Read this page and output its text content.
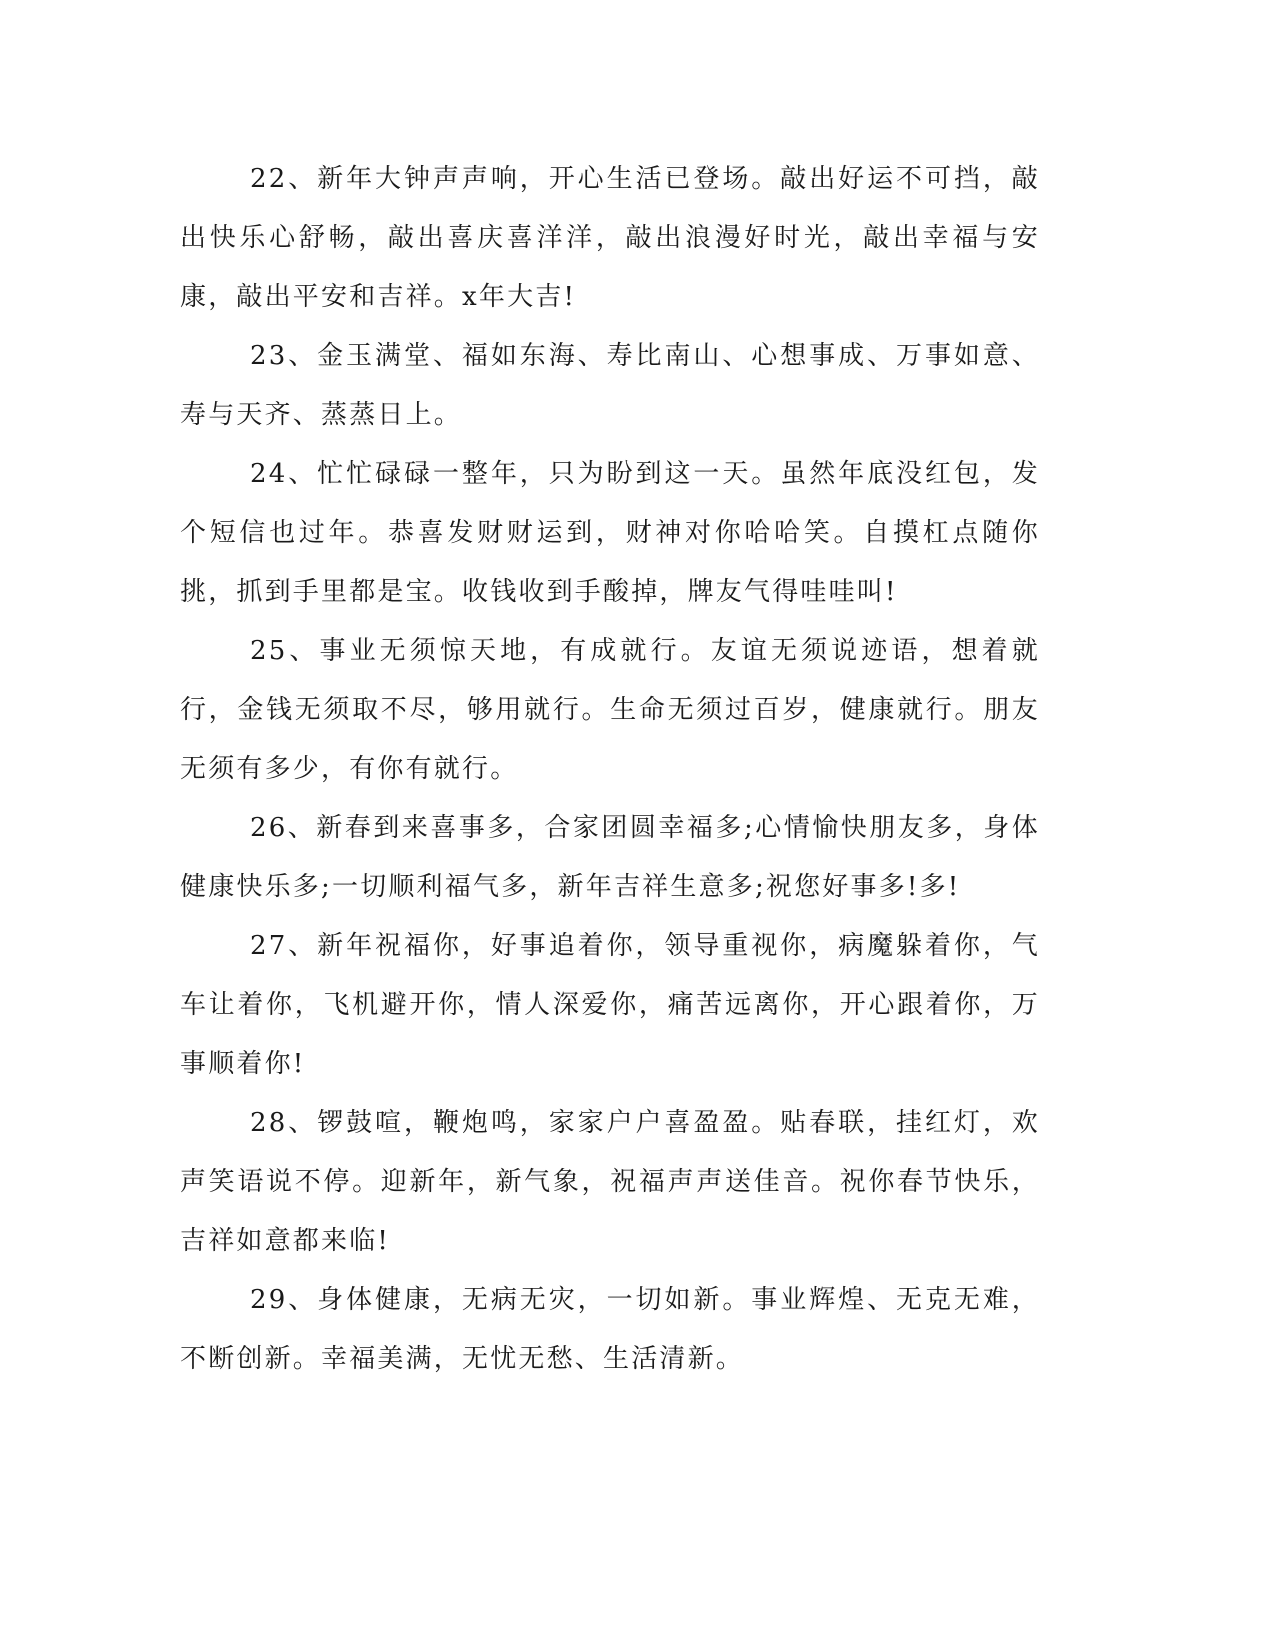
22、新年大钟声声响，开心生活已登场。敲出好运不可挡，敲出快乐心舒畅，敲出喜庆喜洋洋，敲出浪漫好时光，敲出幸福与安康，敲出平安和吉祥。x年大吉!

23、金玉满堂、福如东海、寿比南山、心想事成、万事如意、寿与天齐、蒸蒸日上。

24、忙忙碌碌一整年，只为盼到这一天。虽然年底没红包，发个短信也过年。恭喜发财财运到，财神对你哈哈笑。自摸杠点随你挑，抓到手里都是宝。收钱收到手酸掉，牌友气得哇哇叫!

25、事业无须惊天地，有成就行。友谊无须说迹语，想着就行，金钱无须取不尽，够用就行。生命无须过百岁，健康就行。朋友无须有多少，有你有就行。

26、新春到来喜事多，合家团圆幸福多;心情愉快朋友多，身体健康快乐多;一切顺利福气多，新年吉祥生意多;祝您好事多!多!

27、新年祝福你，好事追着你，领导重视你，病魔躲着你，气车让着你，飞机避开你，情人深爱你，痛苦远离你，开心跟着你，万事顺着你!

28、锣鼓喧，鞭炮鸣，家家户户喜盈盈。贴春联，挂红灯，欢声笑语说不停。迎新年，新气象，祝福声声送佳音。祝你春节快乐，吉祥如意都来临!

29、身体健康，无病无灾，一切如新。事业辉煌、无克无难，不断创新。幸福美满，无忧无愁、生活清新。
